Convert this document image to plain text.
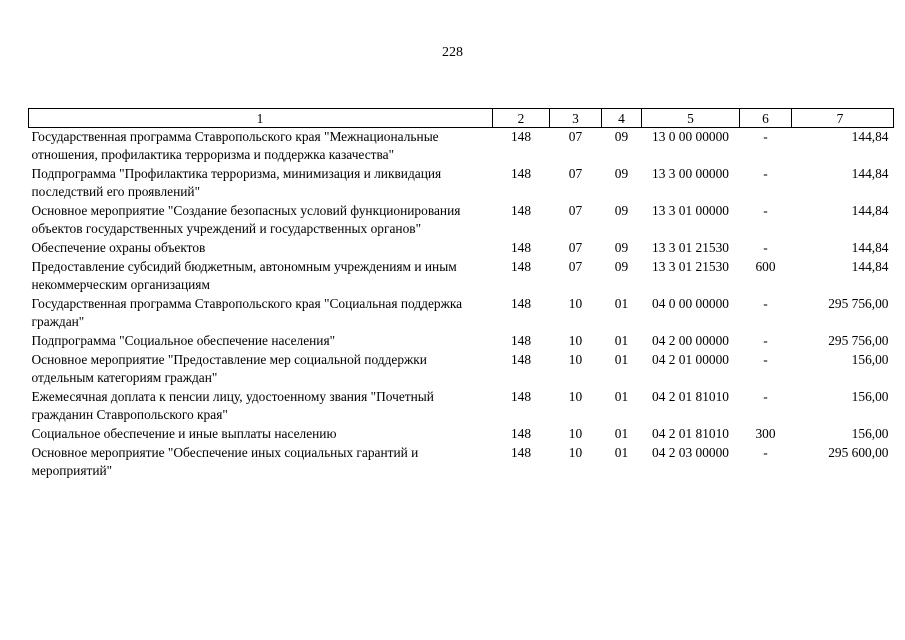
228
1	2	3	4	5	6	7
Государственная программа Ставропольского края "Межнациональные отношения, профилактика терроризма и поддержка казачества"	148	07	09	13 0 00 00000	-	144,84
Подпрограмма "Профилактика терроризма, минимизация и ликвидация последствий его проявлений"	148	07	09	13 3 00 00000	-	144,84
Основное мероприятие "Создание безопасных условий функционирования объектов государственных учреждений и государственных органов"	148	07	09	13 3 01 00000	-	144,84
Обеспечение охраны объектов	148	07	09	13 3 01 21530	-	144,84
Предоставление субсидий бюджетным, автономным учреждениям и иным некоммерческим организациям	148	07	09	13 3 01 21530	600	144,84
Государственная программа Ставропольского края "Социальная поддержка граждан"	148	10	01	04 0 00 00000	-	295 756,00
Подпрограмма "Социальное обеспечение населения"	148	10	01	04 2 00 00000	-	295 756,00
Основное мероприятие "Предоставление мер социальной поддержки отдельным категориям граждан"	148	10	01	04 2 01 00000	-	156,00
Ежемесячная доплата к пенсии лицу, удостоенному звания "Почетный гражданин Ставропольского края"	148	10	01	04 2 01 81010	-	156,00
Социальное обеспечение и иные выплаты населению	148	10	01	04 2 01 81010	300	156,00
Основное мероприятие "Обеспечение иных социальных гарантий и мероприятий"	148	10	01	04 2 03 00000	-	295 600,00
